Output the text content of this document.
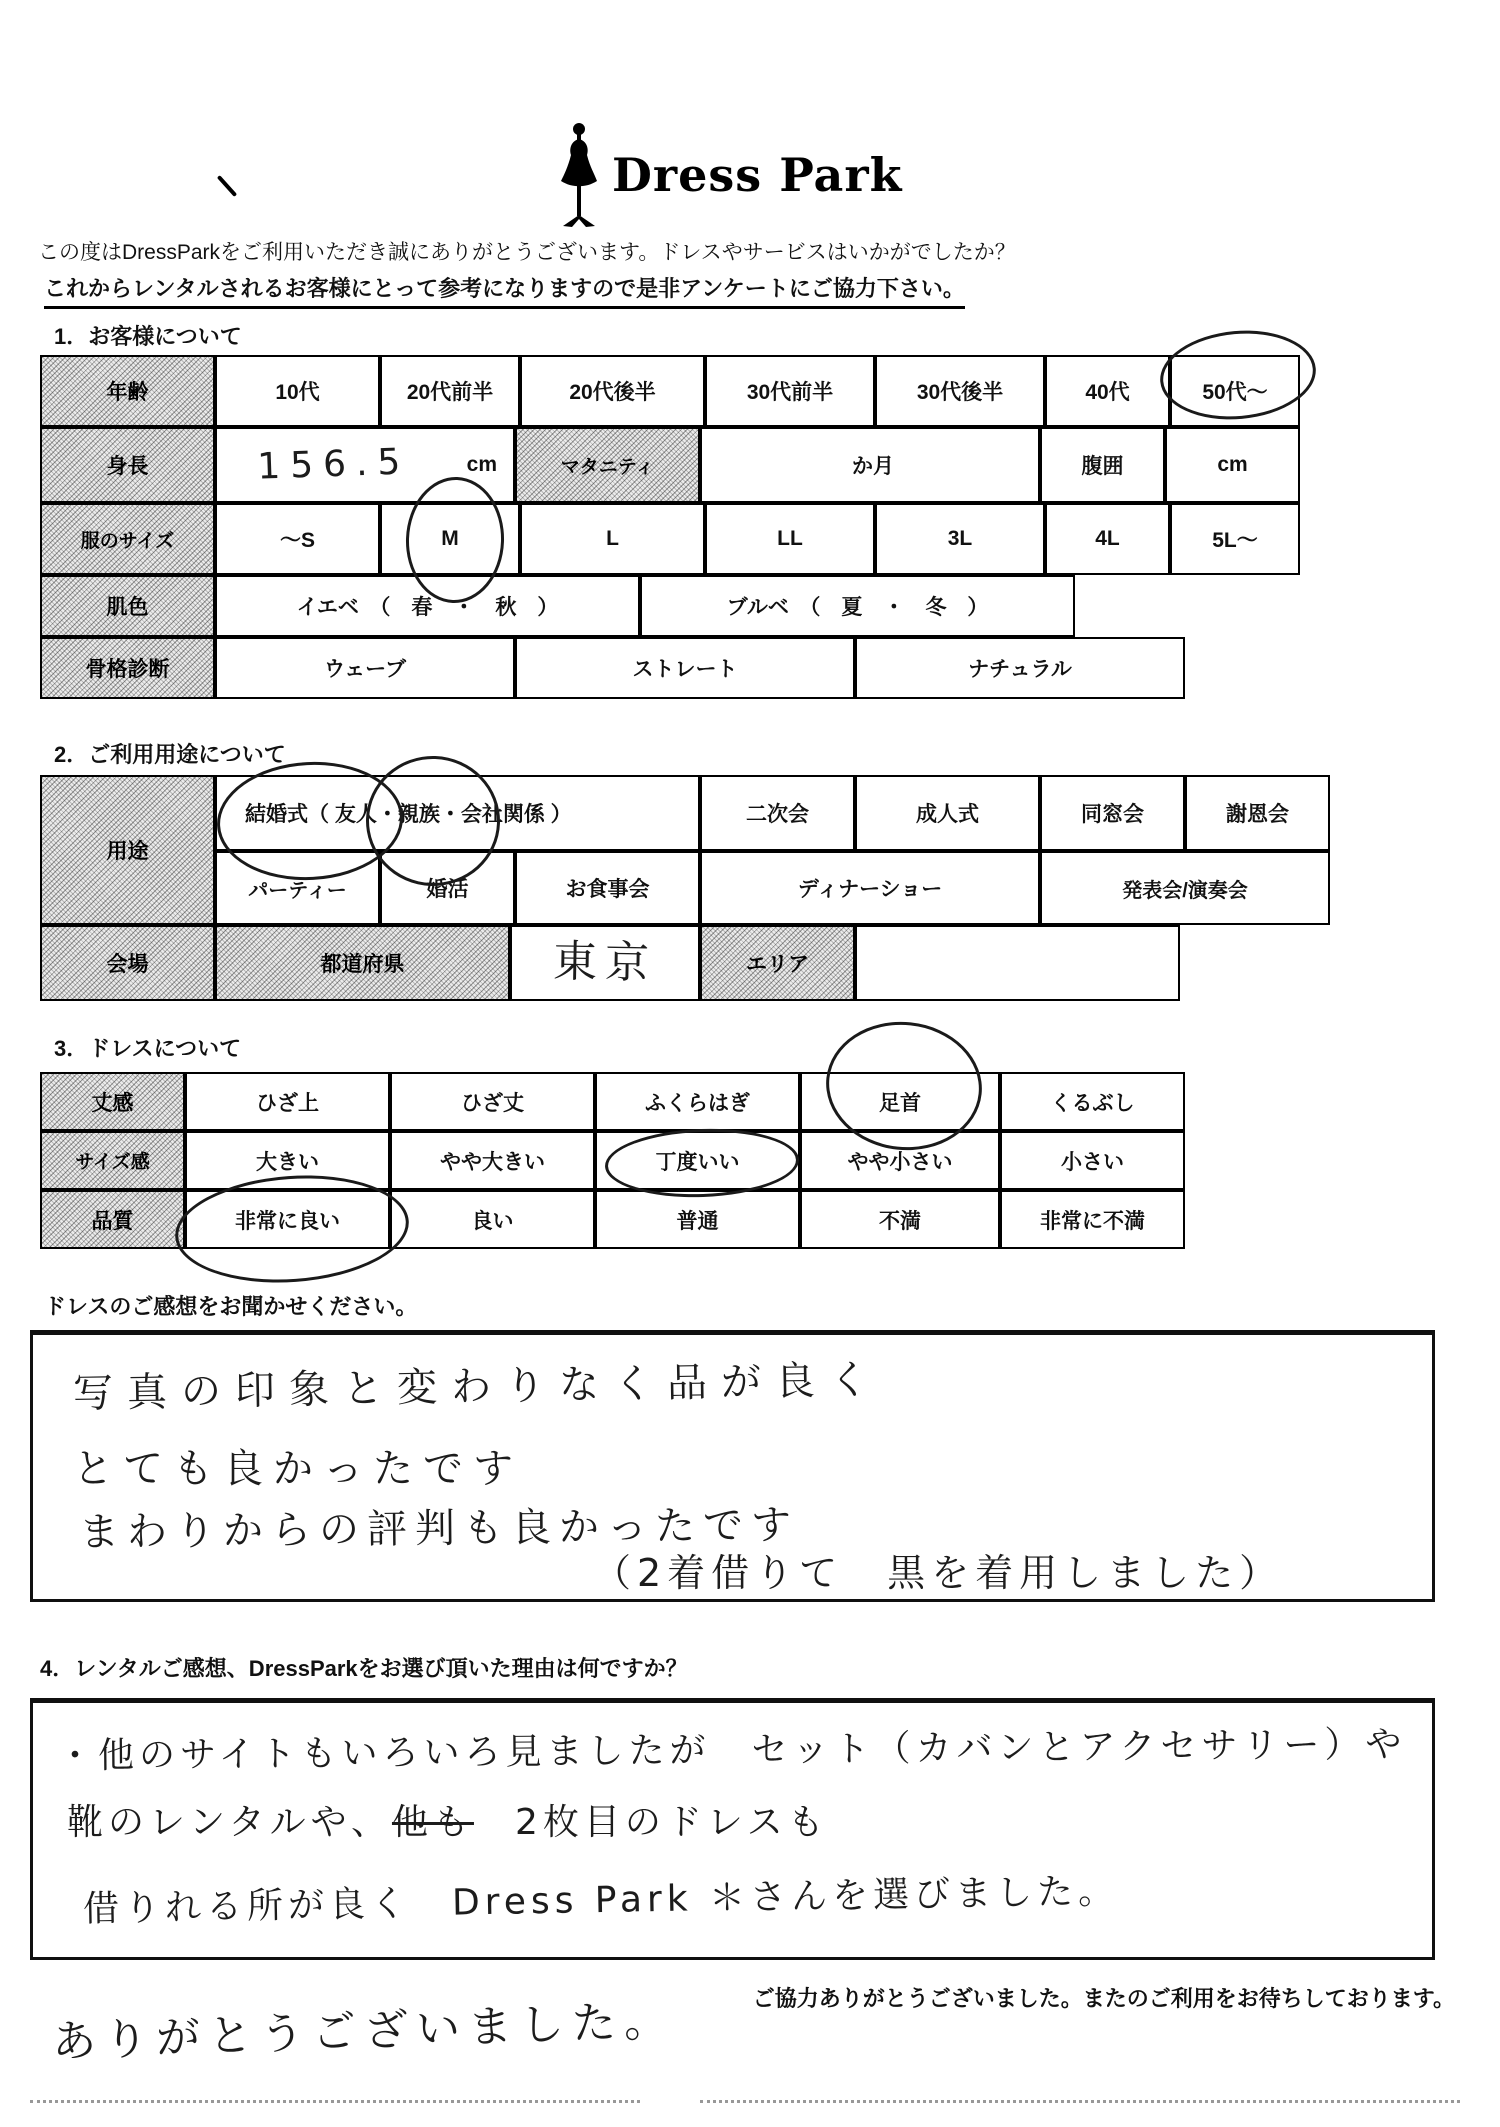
Dress Park
この度はDressParkをご利用いただき誠にありがとうございます。ドレスやサービスはいかがでしたか？
これからレンタルされるお客様にとって参考になりますので是非アンケートにご協力下さい。
1．お客様について
年齢	10代	20代前半	20代後半	30代前半	30代後半	40代	50代～
身長	156.5	cm	マタニティ	か月	腹囲	cm
服のサイズ	～S	M	L	LL	3L	4L	5L～
肌色	イエベ　（　春　・　秋　）	ブルベ　（　夏　・　冬　）
骨格診断	ウェーブ	ストレート	ナチュラル
2．ご利用用途について
用途
結婚式 （ 友人・ 親族 ・会社関係 ）	二次会	成人式	同窓会	謝恩会
パーティー	婚活	お食事会	ディナーショー	発表会/演奏会
会場	都道府県	東京	エリア
3．ドレスについて
丈感	ひざ上	ひざ丈	ふくらはぎ	足首	くるぶし
サイズ感	大きい	やや大きい	丁度いい	やや小さい	小さい
品質	非常に良い	良い	普通	不満	非常に不満
ドレスのご感想をお聞かせください。
写真の印象と変わりなく品が良く
とても良かったです
まわりからの評判も良かったです
（2着借りて　黒を着用しました）
4．レンタルご感想、DressParkをお選び頂いた理由は何ですか？
・他のサイトもいろいろ見ましたが　セット（カバンとアクセサリー）や
靴のレンタルや、他も　2枚目のドレスも
借りれる所が良く　Dress Park ＊さんを選びました。
ご協力ありがとうございました。またのご利用をお待ちしております。
ありがとうございました。
